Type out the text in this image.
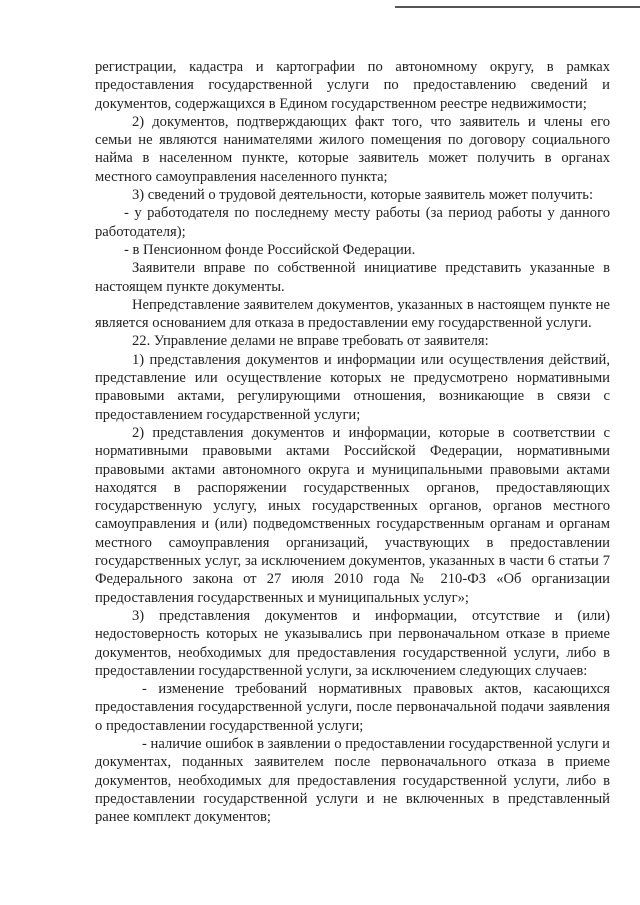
регистрации, кадастра и картографии по автономному округу, в рамках предоставления государственной услуги по предоставлению сведений и документов, содержащихся в Едином государственном реестре недвижимости;

2) документов, подтверждающих факт того, что заявитель и члены его семьи не являются нанимателями жилого помещения по договору социального найма в населенном пункте, которые заявитель может получить в органах местного самоуправления населенного пункта;

3) сведений о трудовой деятельности, которые заявитель может получить:

- у работодателя по последнему месту работы (за период работы у данного работодателя);

- в Пенсионном фонде Российской Федерации.

Заявители вправе по собственной инициативе представить указанные в настоящем пункте документы.

Непредставление заявителем документов, указанных в настоящем пункте не является основанием для отказа в предоставлении ему государственной услуги.

22. Управление делами не вправе требовать от заявителя:

1) представления документов и информации или осуществления действий, представление или осуществление которых не предусмотрено нормативными правовыми актами, регулирующими отношения, возникающие в связи с предоставлением государственной услуги;

2) представления документов и информации, которые в соответствии с нормативными правовыми актами Российской Федерации, нормативными правовыми актами автономного округа и муниципальными правовыми актами находятся в распоряжении государственных органов, предоставляющих государственную услугу, иных государственных органов, органов местного самоуправления и (или) подведомственных государственным органам и органам местного самоуправления организаций, участвующих в предоставлении государственных услуг, за исключением документов, указанных в части 6 статьи 7 Федерального закона от 27 июля 2010 года № 210-ФЗ «Об организации предоставления государственных и муниципальных услуг»;

3) представления документов и информации, отсутствие и (или) недостоверность которых не указывались при первоначальном отказе в приеме документов, необходимых для предоставления государственной услуги, либо в предоставлении государственной услуги, за исключением следующих случаев:

- изменение требований нормативных правовых актов, касающихся предоставления государственной услуги, после первоначальной подачи заявления о предоставлении государственной услуги;

- наличие ошибок в заявлении о предоставлении государственной услуги и документах, поданных заявителем после первоначального отказа в приеме документов, необходимых для предоставления государственной услуги, либо в предоставлении государственной услуги и не включенных в представленный ранее комплект документов;
